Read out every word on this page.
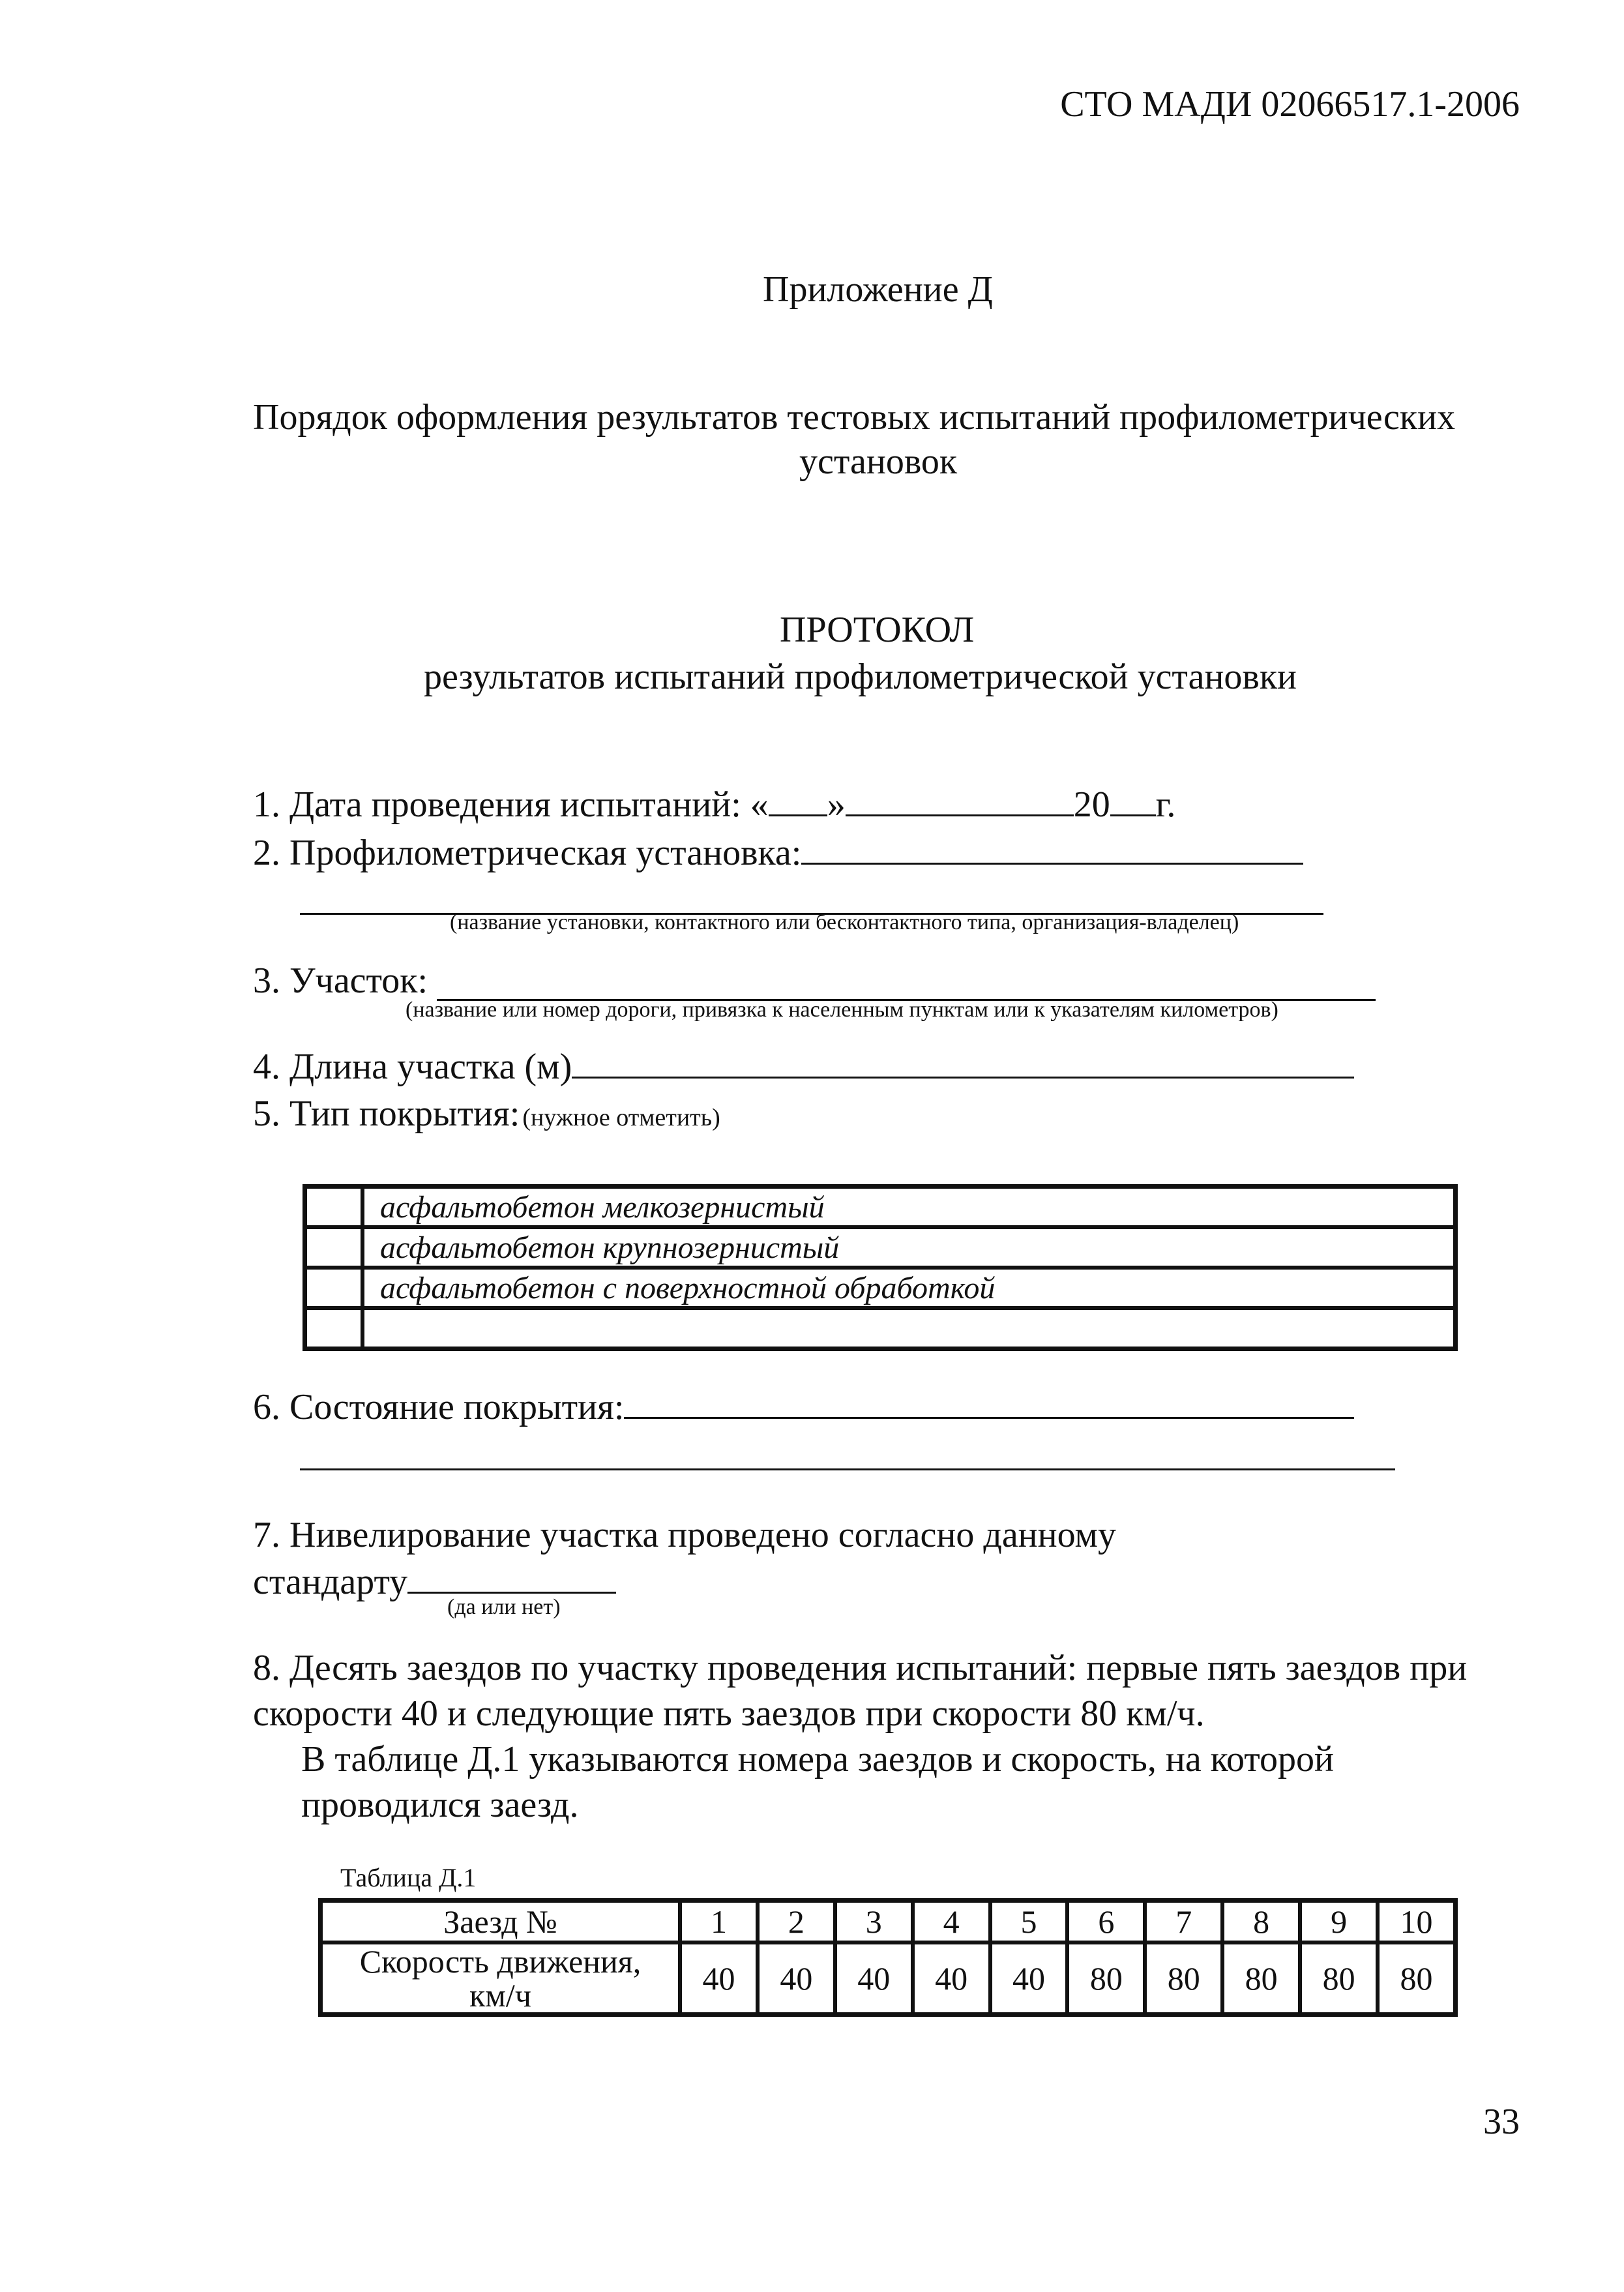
СТО МАДИ 02066517.1-2006
Приложение Д
Порядок оформления результатов тестовых испытаний профилометрических
установок
ПРОТОКОЛ
результатов испытаний профилометрической установки
1. Дата проведения испытаний: « »	20 г.
2. Профилометрическая установка:
(название установки, контактного или бесконтактного типа, организация-владелец)
3. Участок:
(название или номер дороги, привязка к населенным пунктам или к указателям километров)
4. Длина участка (м)
5. Тип покрытия: (нужное отметить)
	асфальтобетон мелкозернистый
	асфальтобетон крупнозернистый
	асфальтобетон с поверхностной обработкой

6. Состояние покрытия:
7. Нивелирование участка проведено согласно данному
стандарту
(да или нет)
8. Десять заездов по участку проведения испытаний: первые пять заездов при
скорости 40 и следующие пять заездов при скорости 80 км/ч.
В таблице Д.1 указываются номера заездов и скорость, на которой
проводился заезд.
Таблица Д.1
Заезд №	1	2	3	4	5	6	7	8	9	10

Скорость движения,
км/ч	40	40	40	40	40	80	80	80	80	80
33
